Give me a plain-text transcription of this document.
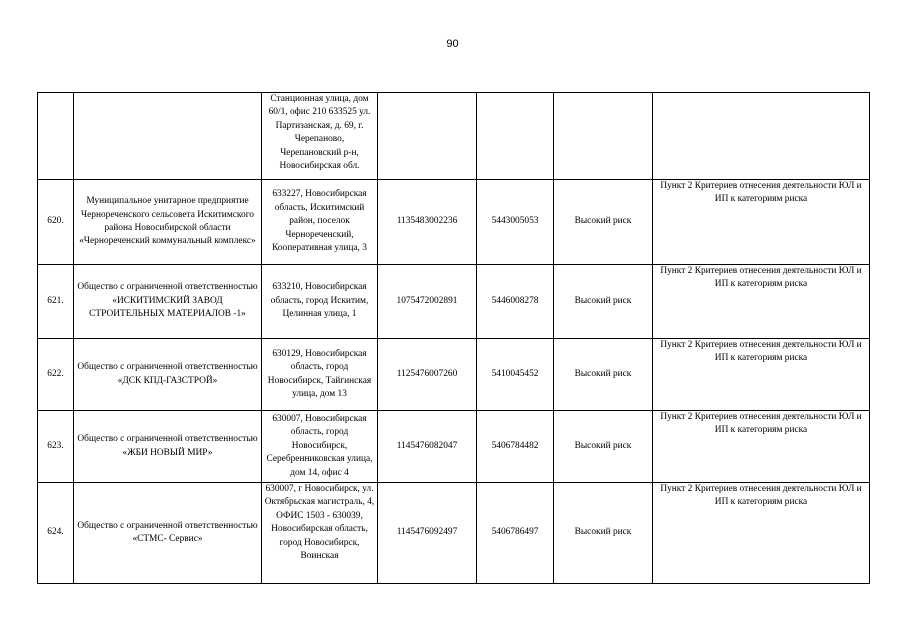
90
		Станционная улица, дом 60/1, офис 210 633525 ул. Партизанская, д. 69, г. Черепаново, Черепановский р-н, Новосибирская обл.				
620.	Муниципальное унитарное предприятие Чернореченского сельсовета Искитимского района Новосибирской области «Чернореченский коммунальный комплекс»	633227, Новосибирская область, Искитимский район, поселок Чернореченский, Кооперативная улица, 3	1135483002236	5443005053	Высокий риск	Пункт 2 Критериев отнесения деятельности ЮЛ и ИП к категориям риска
621.	Общество с ограниченной ответственностью «ИСКИТИМСКИЙ ЗАВОД СТРОИТЕЛЬНЫХ МАТЕРИАЛОВ -1»	633210, Новосибирская область, город Искитим, Целинная улица, 1	1075472002891	5446008278	Высокий риск	Пункт 2 Критериев отнесения деятельности ЮЛ и ИП к категориям риска
622.	Общество с ограниченной ответственностью «ДСК КПД-ГАЗСТРОЙ»	630129, Новосибирская область, город Новосибирск, Тайгинская улица, дом 13	1125476007260	5410045452	Высокий риск	Пункт 2 Критериев отнесения деятельности ЮЛ и ИП к категориям риска
623.	Общество с ограниченной ответственностью «ЖБИ НОВЫЙ МИР»	630007, Новосибирская область, город Новосибирск, Серебренниковская улица, дом 14, офис 4	1145476082047	5406784482	Высокий риск	Пункт 2 Критериев отнесения деятельности ЮЛ и ИП к категориям риска
624.	Общество с ограниченной ответственностью «СТМС- Сервис»	630007, г Новосибирск, ул. Октябрьская магистраль, 4, ОФИС 1503 - 630039, Новосибирская область, город Новосибирск, Воинская	1145476092497	5406786497	Высокий риск	Пункт 2 Критериев отнесения деятельности ЮЛ и ИП к категориям риска
